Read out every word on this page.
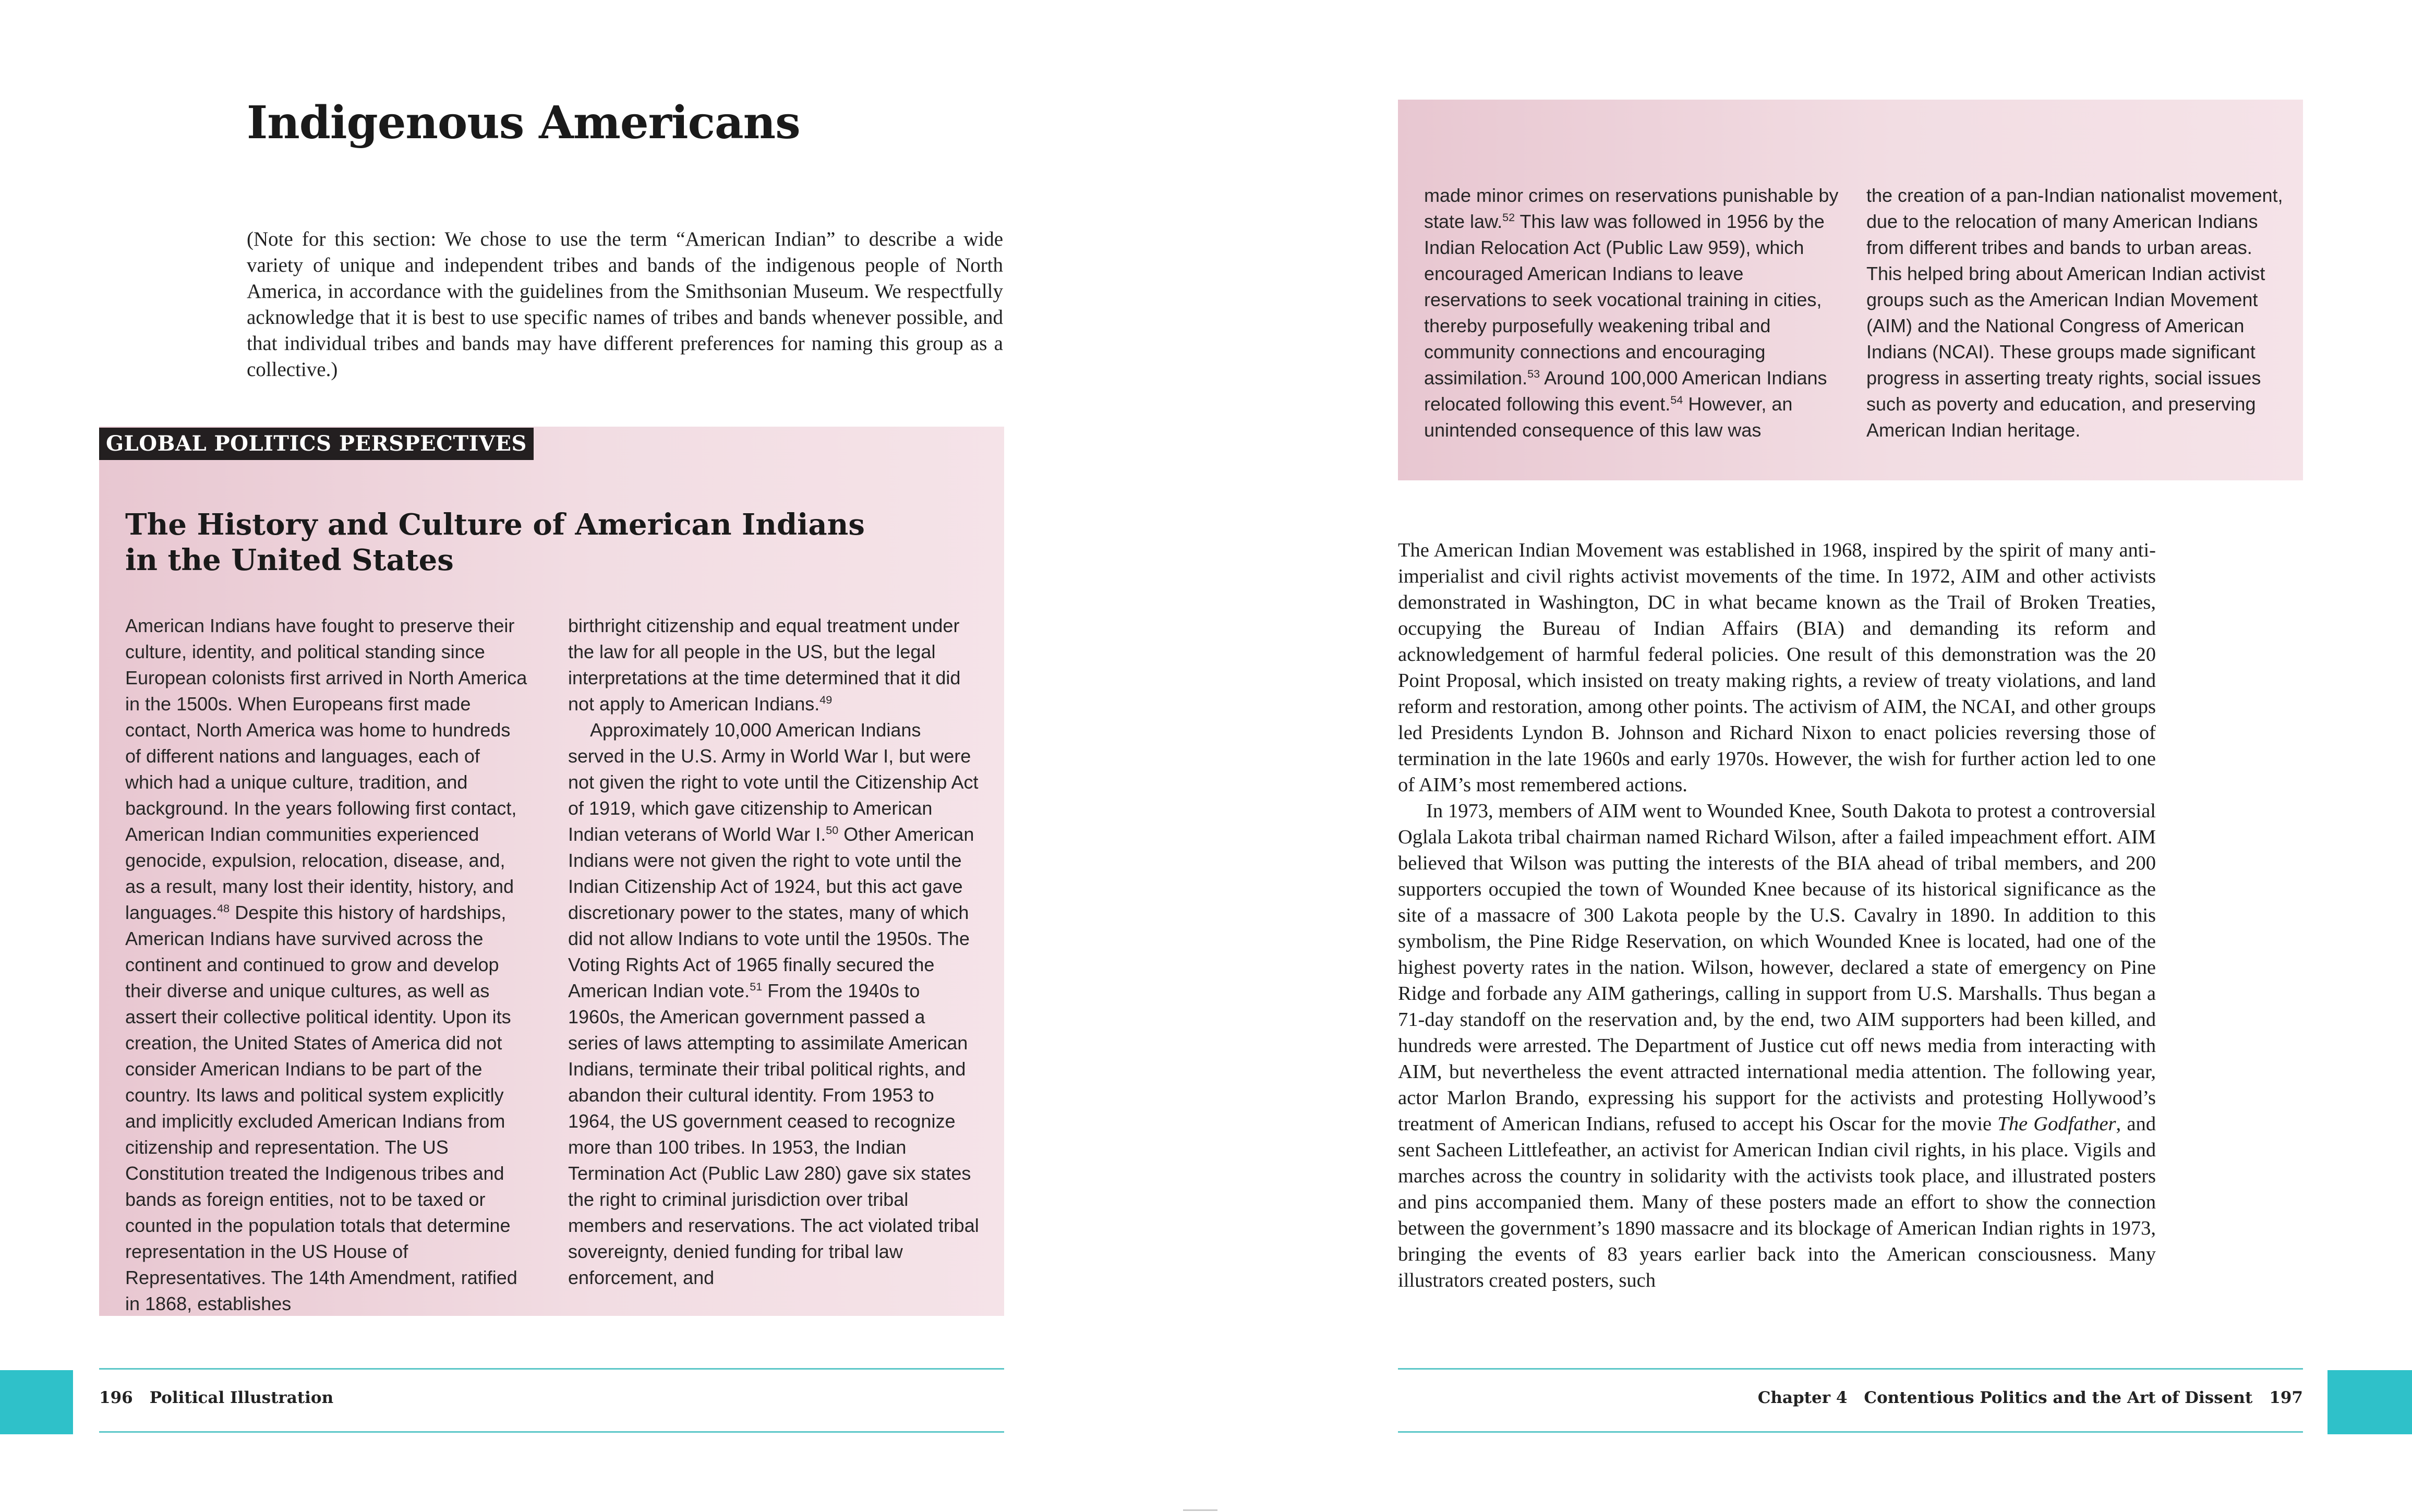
Indigenous Americans
(Note for this section: We chose to use the term “American Indian” to describe a wide variety of unique and independent tribes and bands of the indigenous people of North America, in accordance with the guidelines from the Smithsonian Museum. We respectfully acknowledge that it is best to use specific names of tribes and bands whenever possible, and that individual tribes and bands may have different preferences for naming this group as a collective.)
GLOBAL POLITICS PERSPECTIVES
The History and Culture of American Indians
in the United States
American Indians have fought to preserve their culture, identity, and political standing since European colonists first arrived in North America in the 1500s. When Europeans first made contact, North America was home to hundreds of different nations and languages, each of which had a unique culture, tradition, and background. In the years following first contact, American Indian communities experienced genocide, expulsion, relocation, disease, and, as a result, many lost their identity, history, and languages.$^{48}$ Despite this history of hardships, American Indians have survived across the continent and continued to grow and develop their diverse and unique cultures, as well as assert their collective political identity. Upon its creation, the United States of America did not consider American Indians to be part of the country. Its laws and political system explicitly and implicitly excluded American Indians from citizenship and representation. The US Constitution treated the Indigenous tribes and bands as foreign entities, not to be taxed or counted in the population totals that determine representation in the US House of Representatives. The 14th Amendment, ratified in 1868, establishes
birthright citizenship and equal treatment under the law for all people in the US, but the legal interpretations at the time determined that it did not apply to American Indians.$^{49}$
Approximately 10,000 American Indians served in the U.S. Army in World War I, but were not given the right to vote until the Citizenship Act of 1919, which gave citizenship to American Indian veterans of World War I.$^{50}$ Other American Indians were not given the right to vote until the Indian Citizenship Act of 1924, but this act gave discretionary power to the states, many of which did not allow Indians to vote until the 1950s. The Voting Rights Act of 1965 finally secured the American Indian vote.$^{51}$ From the 1940s to 1960s, the American government passed a series of laws attempting to assimilate American Indians, terminate their tribal political rights, and abandon their cultural identity. From 1953 to 1964, the US government ceased to recognize more than 100 tribes. In 1953, the Indian Termination Act (Public Law 280) gave six states the right to criminal jurisdiction over tribal members and reservations. The act violated tribal sovereignty, denied funding for tribal law enforcement, and
196 Political Illustration
made minor crimes on reservations punishable by state law.$^{52}$ This law was followed in 1956 by the Indian Relocation Act (Public Law 959), which encouraged American Indians to leave reservations to seek vocational training in cities, thereby purposefully weakening tribal and community connections and encouraging assimilation.$^{53}$ Around 100,000 American Indians relocated following this event.$^{54}$ However, an unintended consequence of this law was
the creation of a pan-Indian nationalist movement, due to the relocation of many American Indians from different tribes and bands to urban areas. This helped bring about American Indian activist groups such as the American Indian Movement (AIM) and the National Congress of American Indians (NCAI). These groups made significant progress in asserting treaty rights, social issues such as poverty and education, and preserving American Indian heritage.

The American Indian Movement was established in 1968, inspired by the spirit of many anti-imperialist and civil rights activist movements of the time. In 1972, AIM and other activists demonstrated in Washington, DC in what became known as the Trail of Broken Treaties, occupying the Bureau of Indian Affairs (BIA) and demanding its reform and acknowledgement of harmful federal policies. One result of this demonstration was the 20 Point Proposal, which insisted on treaty making rights, a review of treaty violations, and land reform and restoration, among other points. The activism of AIM, the NCAI, and other groups led Presidents Lyndon B. Johnson and Richard Nixon to enact policies reversing those of termination in the late 1960s and early 1970s. However, the wish for further action led to one of AIM’s most remembered actions.

In 1973, members of AIM went to Wounded Knee, South Dakota to protest a controversial Oglala Lakota tribal chairman named Richard Wilson, after a failed impeachment effort. AIM believed that Wilson was putting the interests of the BIA ahead of tribal members, and 200 supporters occupied the town of Wounded Knee because of its historical significance as the site of a massacre of 300 Lakota people by the U.S. Cavalry in 1890. In addition to this symbolism, the Pine Ridge Reservation, on which Wounded Knee is located, had one of the highest poverty rates in the nation. Wilson, however, declared a state of emergency on Pine Ridge and forbade any AIM gatherings, calling in support from U.S. Marshalls. Thus began a 71-day standoff on the reservation and, by the end, two AIM supporters had been killed, and hundreds were arrested. The Department of Justice cut off news media from interacting with AIM, but nevertheless the event attracted international media attention. The following year, actor Marlon Brando, expressing his support for the activists and protesting Hollywood’s treatment of American Indians, refused to accept his Oscar for the movie The Godfather, and sent Sacheen Littlefeather, an activist for American Indian civil rights, in his place. Vigils and marches across the country in solidarity with the activists took place, and illustrated posters and pins accompanied them. Many of these posters made an effort to show the connection between the government’s 1890 massacre and its blockage of American Indian rights in 1973, bringing the events of 83 years earlier back into the American consciousness. Many illustrators created posters, such

Chapter 4 Contentious Politics and the Art of Dissent 197
